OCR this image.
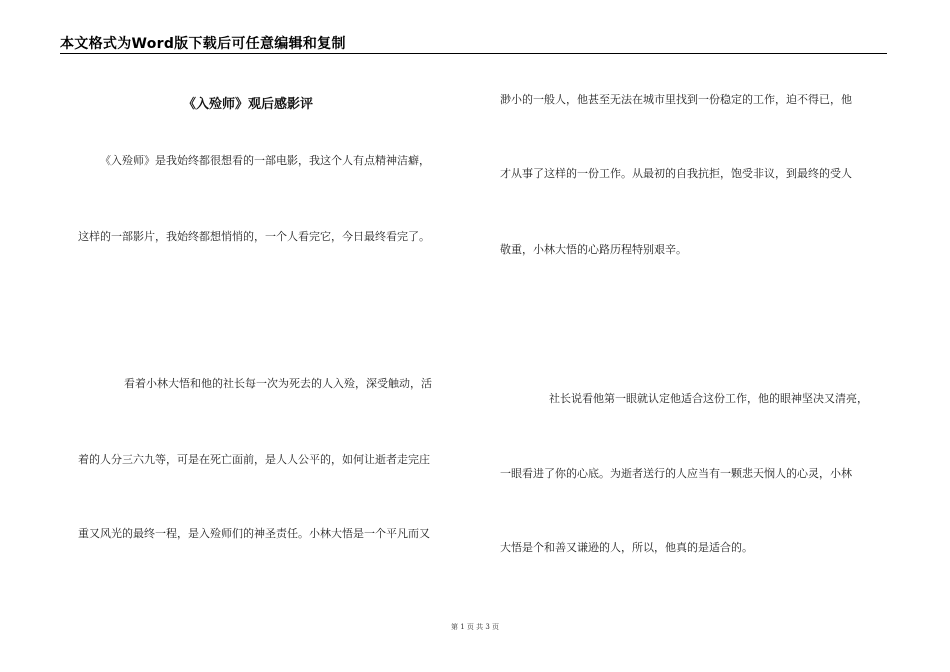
本文格式为Word版下载后可任意编辑和复制
《入殓师》观后感影评
《入殓师》是我始终都很想看的一部电影，我这个人有点精神洁癖，
这样的一部影片，我始终都想悄悄的，一个人看完它，今日最终看完了。
看着小林大悟和他的社长每一次为死去的人入殓，深受触动，活
着的人分三六九等，可是在死亡面前，是人人公平的，如何让逝者走完庄
重又风光的最终一程，是入殓师们的神圣责任。小林大悟是一个平凡而又
渺小的一般人，他甚至无法在城市里找到一份稳定的工作，迫不得已，他
才从事了这样的一份工作。从最初的自我抗拒，饱受非议，到最终的受人
敬重，小林大悟的心路历程特别艰辛。
社长说看他第一眼就认定他适合这份工作，他的眼神坚决又清亮，
一眼看进了你的心底。为逝者送行的人应当有一颗悲天悯人的心灵，小林
大悟是个和善又谦逊的人，所以，他真的是适合的。
第 1 页 共 3 页
